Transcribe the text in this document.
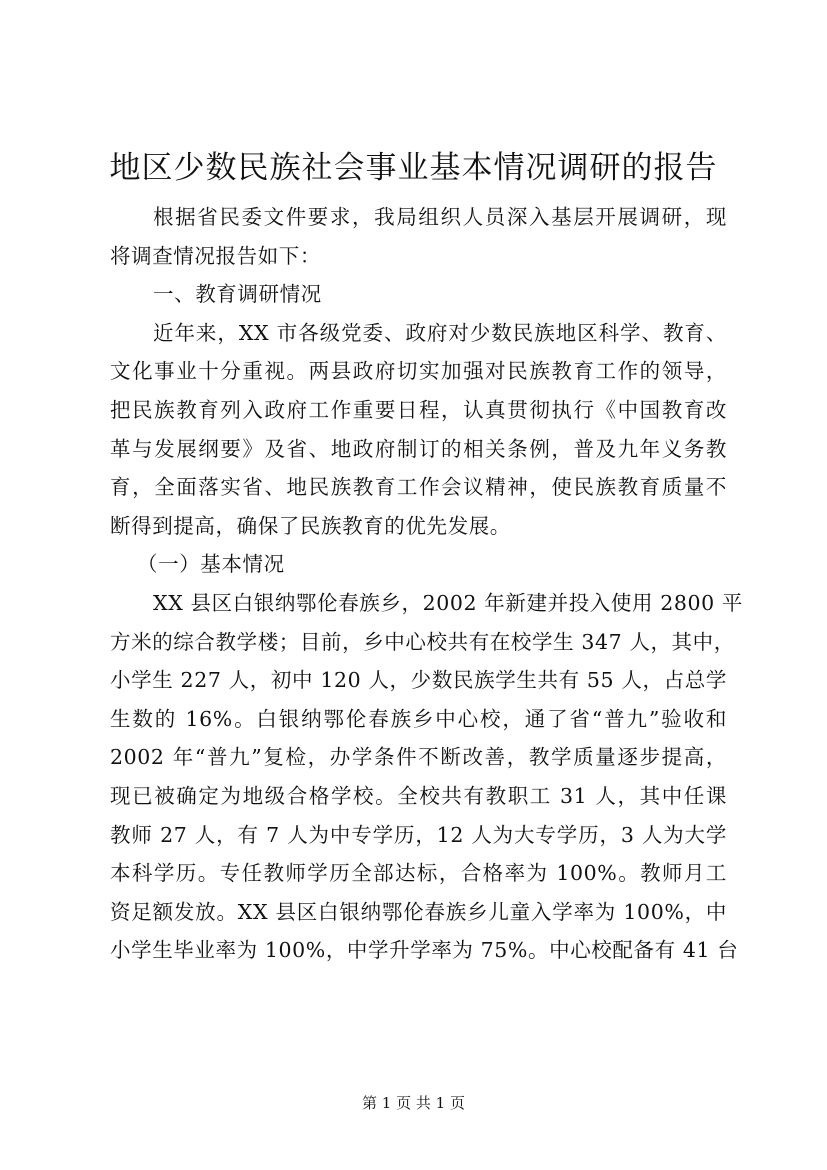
地区少数民族社会事业基本情况调研的报告

根据省民委文件要求，我局组织人员深入基层开展调研，现

将调查情况报告如下：

一、教育调研情况

近年来，XX 市各级党委、政府对少数民族地区科学、教育、

文化事业十分重视。两县政府切实加强对民族教育工作的领导，

把民族教育列入政府工作重要日程，认真贯彻执行《中国教育改

革与发展纲要》及省、地政府制订的相关条例，普及九年义务教

育，全面落实省、地民族教育工作会议精神，使民族教育质量不

断得到提高，确保了民族教育的优先发展。

（一）基本情况

XX 县区白银纳鄂伦春族乡，2002 年新建并投入使用 2800 平

方米的综合教学楼；目前，乡中心校共有在校学生 347 人，其中，

小学生 227 人，初中 120 人，少数民族学生共有 55 人，占总学

生数的 16%。白银纳鄂伦春族乡中心校，通了省“普九”验收和

2002 年“普九”复检，办学条件不断改善，教学质量逐步提高，

现已被确定为地级合格学校。全校共有教职工 31 人，其中任课

教师 27 人，有 7 人为中专学历，12 人为大专学历，3 人为大学

本科学历。专任教师学历全部达标，合格率为 100%。教师月工

资足额发放。XX 县区白银纳鄂伦春族乡儿童入学率为 100%，中

小学生毕业率为 100%，中学升学率为 75%。中心校配备有 41 台

第 1 页 共 1 页
